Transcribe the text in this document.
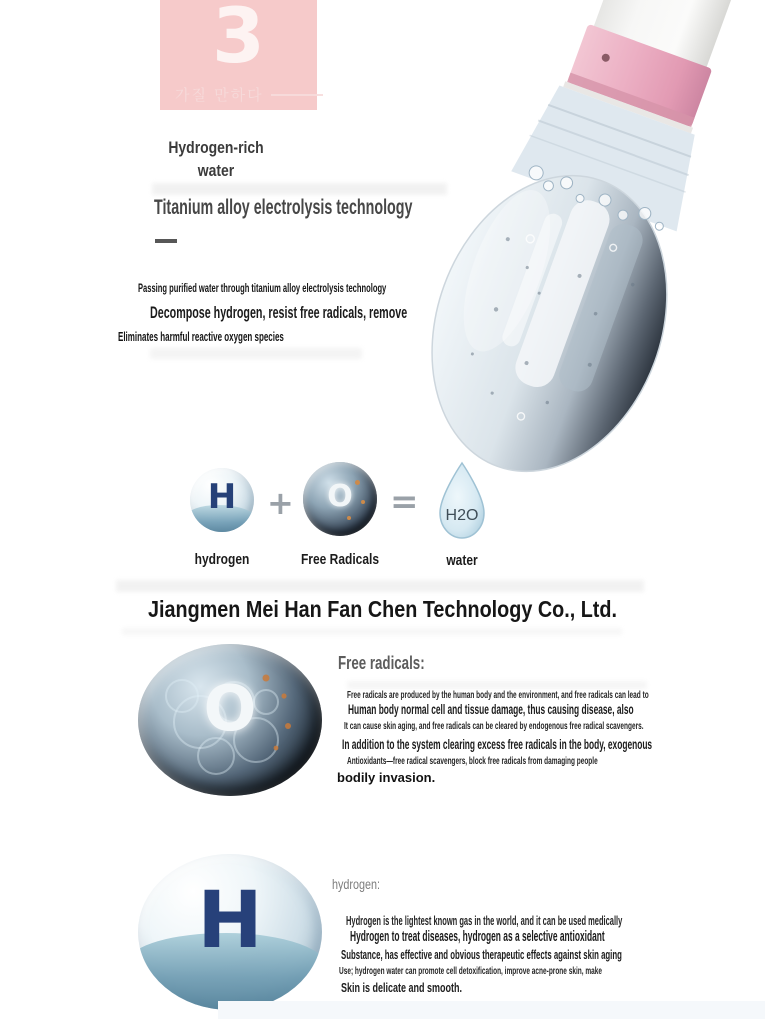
3
가질 만하다
Hydrogen-rich water
Titanium alloy electrolysis technology
Passing purified water through titanium alloy electrolysis technology
Decompose hydrogen, resist free radicals, remove
Eliminates harmful reactive oxygen species
H +	O	= H2O
hydrogen	Free Radicals	water
Jiangmen Mei Han Fan Chen Technology Co., Ltd.
O
Free radicals:
Free radicals are produced by the human body and the environment, and free radicals can lead to
Human body normal cell and tissue damage, thus causing disease, also
It can cause skin aging, and free radicals can be cleared by endogenous free radical scavengers.
In addition to the system clearing excess free radicals in the body, exogenous
Antioxidants—free radical scavengers, block free radicals from damaging people
bodily invasion.
H	hydrogen:
Hydrogen is the lightest known gas in the world, and it can be used medically
Hydrogen to treat diseases, hydrogen as a selective antioxidant
Substance, has effective and obvious therapeutic effects against skin aging
Use; hydrogen water can promote cell detoxification, improve acne-prone skin, make
Skin is delicate and smooth.
